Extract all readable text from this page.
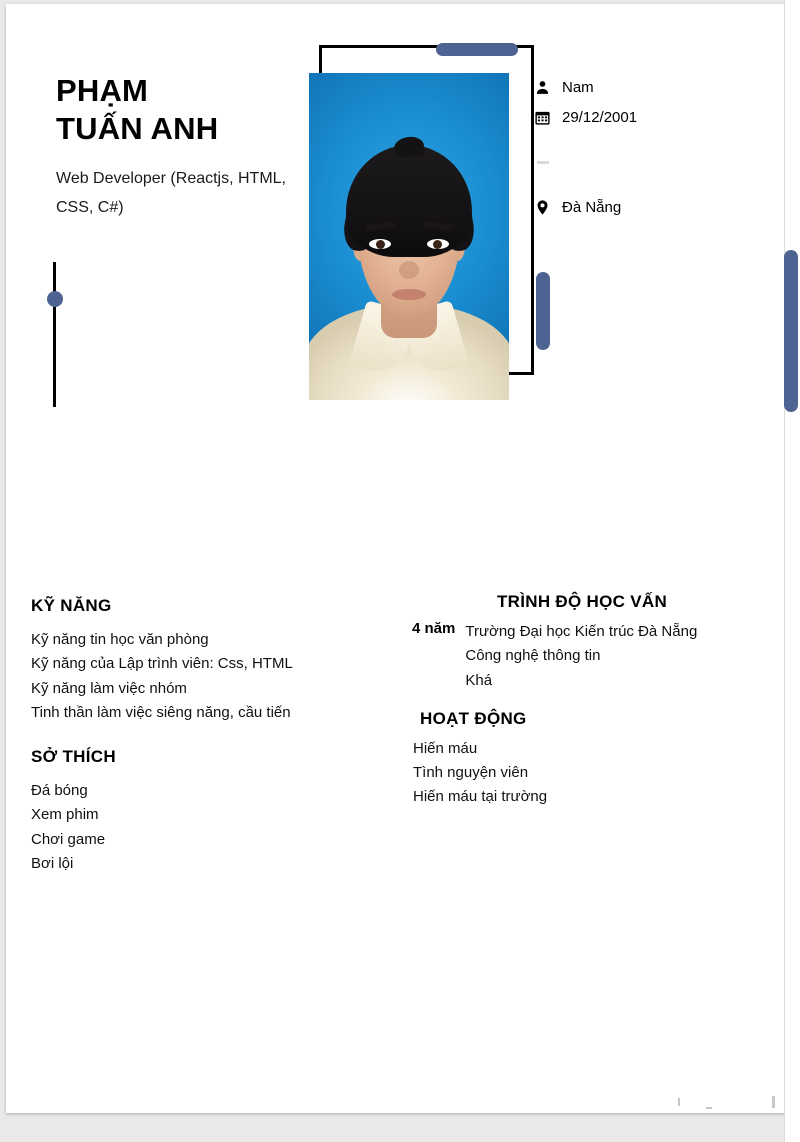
PHẠM
TUẤN ANH
Web Developer (Reactjs, HTML, CSS, C#)
Nam
29/12/2001
Đà Nẵng
KỸ NĂNG
Kỹ năng tin học văn phòng
Kỹ năng của Lập trình viên: Css, HTML
Kỹ năng làm việc nhóm
Tinh thần làm việc siêng năng, cầu tiến
SỞ THÍCH
Đá bóng
Xem phim
Chơi game
Bơi lội
TRÌNH ĐỘ HỌC VẤN
4 năm Trường Đại học Kiến trúc Đà Nẵng
Công nghệ thông tin
Khá
HOẠT ĐỘNG
Hiến máu
Tình nguyện viên
Hiến máu tại trường
